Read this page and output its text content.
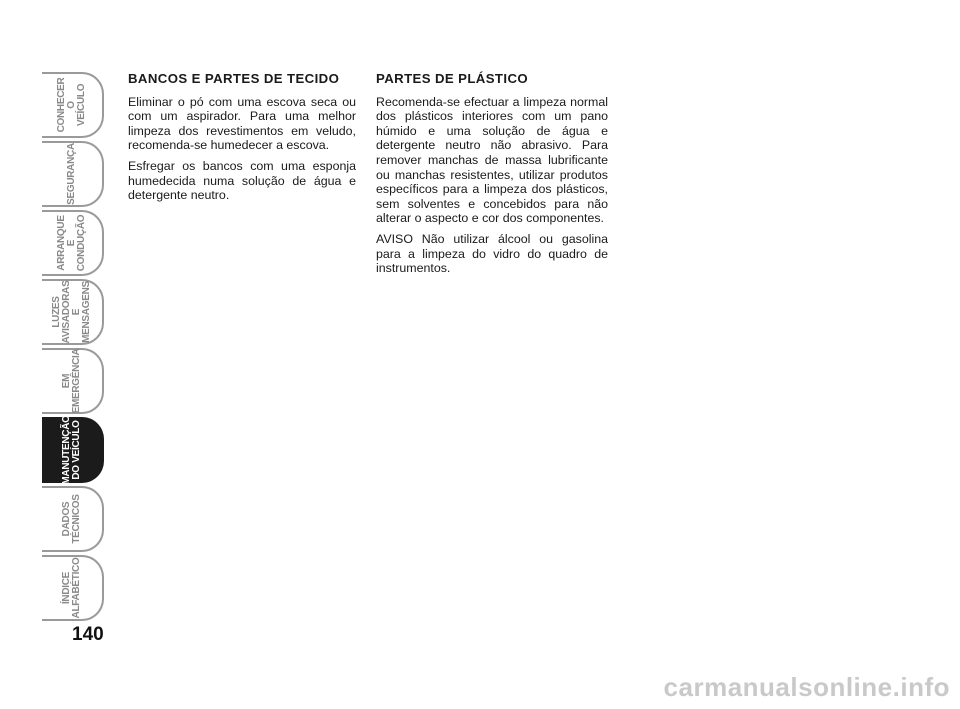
CONHECER O
VEÍCULO
SEGURANÇA
ARRANQUE
E CONDUÇÃO
LUZES
AVISADORAS
E MENSAGENS
EM
EMERGÊNCIA
MANUTENÇÃO
DO VEÍCULO
DADOS
TÉCNICOS
ÍNDICE
ALFABÉTICO
140
BANCOS E PARTES DE TECIDO

Eliminar o pó com uma escova seca ou com um aspirador. Para uma melhor limpeza dos revestimentos em veludo, recomenda-se humedecer a escova.

Esfregar os bancos com uma esponja humedecida numa solução de água e detergente neutro.

PARTES DE PLÁSTICO

Recomenda-se efectuar a limpeza normal dos plásticos interiores com um pano húmido e uma solução de água e detergente neutro não abrasivo. Para remover manchas de massa lubrificante ou manchas resistentes, utilizar produtos específicos para a limpeza dos plásticos, sem solventes e concebidos para não alterar o aspecto e cor dos componentes.

AVISO Não utilizar álcool ou gasolina para a limpeza do vidro do quadro de instrumentos.

carmanualsonline.info
